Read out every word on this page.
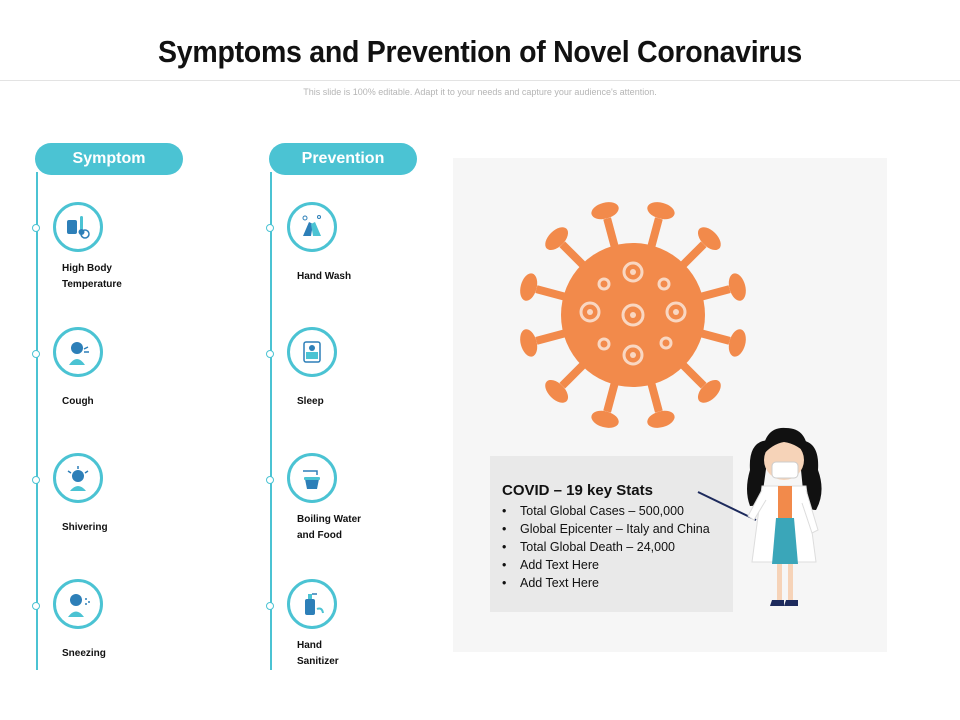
Symptoms and Prevention of Novel Coronavirus
This slide is 100% editable. Adapt it to your needs and capture your audience's attention.
Symptom
High Body Temperature
Cough
Shivering
Sneezing
Prevention
Hand Wash
Sleep
Boiling Water and Food
Hand Sanitizer
COVID – 19 key Stats
• Total Global Cases – 500,000
• Global Epicenter – Italy and China
• Total Global Death – 24,000
• Add Text Here
• Add Text Here
